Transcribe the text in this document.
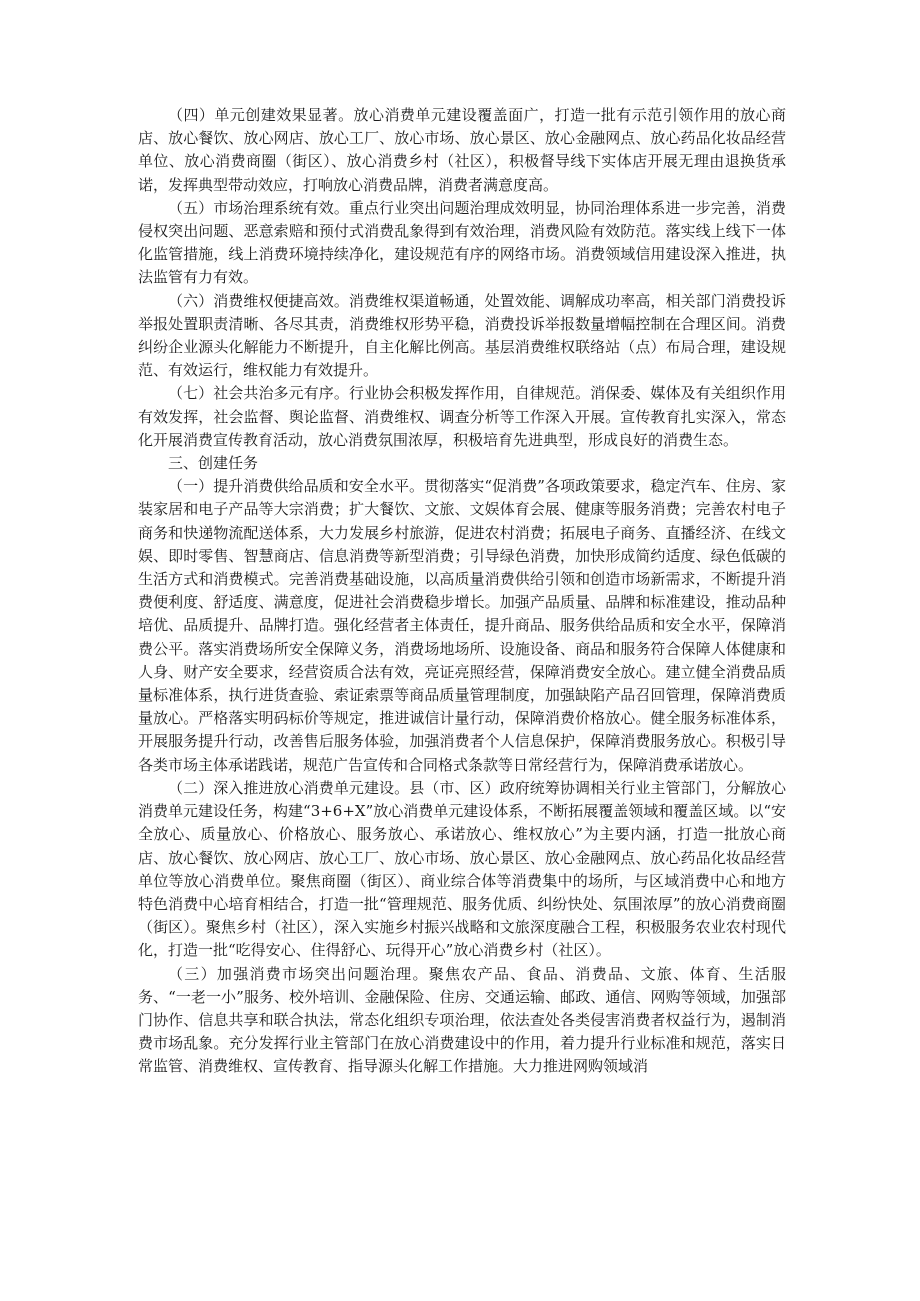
（四）单元创建效果显著。放心消费单元建设覆盖面广，打造一批有示范引领作用的放心商店、放心餐饮、放心网店、放心工厂、放心市场、放心景区、放心金融网点、放心药品化妆品经营单位、放心消费商圈（街区）、放心消费乡村（社区），积极督导线下实体店开展无理由退换货承诺，发挥典型带动效应，打响放心消费品牌，消费者满意度高。

（五）市场治理系统有效。重点行业突出问题治理成效明显，协同治理体系进一步完善，消费侵权突出问题、恶意索赔和预付式消费乱象得到有效治理，消费风险有效防范。落实线上线下一体化监管措施，线上消费环境持续净化，建设规范有序的网络市场。消费领域信用建设深入推进，执法监管有力有效。

（六）消费维权便捷高效。消费维权渠道畅通，处置效能、调解成功率高，相关部门消费投诉举报处置职责清晰、各尽其责，消费维权形势平稳，消费投诉举报数量增幅控制在合理区间。消费纠纷企业源头化解能力不断提升，自主化解比例高。基层消费维权联络站（点）布局合理，建设规范、有效运行，维权能力有效提升。

（七）社会共治多元有序。行业协会积极发挥作用，自律规范。消保委、媒体及有关组织作用有效发挥，社会监督、舆论监督、消费维权、调查分析等工作深入开展。宣传教育扎实深入，常态化开展消费宣传教育活动，放心消费氛围浓厚，积极培育先进典型，形成良好的消费生态。

三、创建任务

（一）提升消费供给品质和安全水平。贯彻落实“促消费”各项政策要求，稳定汽车、住房、家装家居和电子产品等大宗消费；扩大餐饮、文旅、文娱体育会展、健康等服务消费；完善农村电子商务和快递物流配送体系，大力发展乡村旅游，促进农村消费；拓展电子商务、直播经济、在线文娱、即时零售、智慧商店、信息消费等新型消费；引导绿色消费，加快形成简约适度、绿色低碳的生活方式和消费模式。完善消费基础设施，以高质量消费供给引领和创造市场新需求，不断提升消费便利度、舒适度、满意度，促进社会消费稳步增长。加强产品质量、品牌和标准建设，推动品种培优、品质提升、品牌打造。强化经营者主体责任，提升商品、服务供给品质和安全水平，保障消费公平。落实消费场所安全保障义务，消费场地场所、设施设备、商品和服务符合保障人体健康和人身、财产安全要求，经营资质合法有效，亮证亮照经营，保障消费安全放心。建立健全消费品质量标准体系，执行进货查验、索证索票等商品质量管理制度，加强缺陷产品召回管理，保障消费质量放心。严格落实明码标价等规定，推进诚信计量行动，保障消费价格放心。健全服务标准体系，开展服务提升行动，改善售后服务体验，加强消费者个人信息保护，保障消费服务放心。积极引导各类市场主体承诺践诺，规范广告宣传和合同格式条款等日常经营行为，保障消费承诺放心。

（二）深入推进放心消费单元建设。县（市、区）政府统筹协调相关行业主管部门，分解放心消费单元建设任务，构建“3+6+X”放心消费单元建设体系，不断拓展覆盖领域和覆盖区域。以“安全放心、质量放心、价格放心、服务放心、承诺放心、维权放心”为主要内涵，打造一批放心商店、放心餐饮、放心网店、放心工厂、放心市场、放心景区、放心金融网点、放心药品化妆品经营单位等放心消费单位。聚焦商圈（街区）、商业综合体等消费集中的场所，与区域消费中心和地方特色消费中心培育相结合，打造一批“管理规范、服务优质、纠纷快处、氛围浓厚”的放心消费商圈（街区）。聚焦乡村（社区），深入实施乡村振兴战略和文旅深度融合工程，积极服务农业农村现代化，打造一批“吃得安心、住得舒心、玩得开心”放心消费乡村（社区）。

（三）加强消费市场突出问题治理。聚焦农产品、食品、消费品、文旅、体育、生活服务、“一老一小”服务、校外培训、金融保险、住房、交通运输、邮政、通信、网购等领域，加强部门协作、信息共享和联合执法，常态化组织专项治理，依法查处各类侵害消费者权益行为，遏制消费市场乱象。充分发挥行业主管部门在放心消费建设中的作用，着力提升行业标准和规范，落实日常监管、消费维权、宣传教育、指导源头化解工作措施。大力推进网购领域消
